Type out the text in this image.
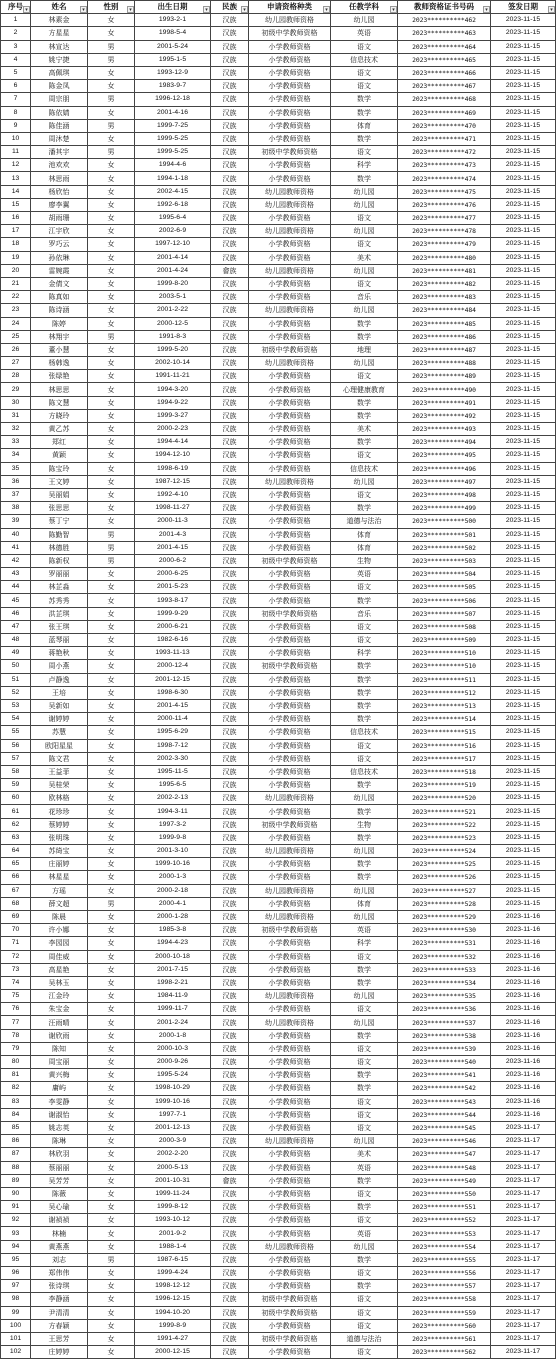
序号 ▾	姓名 ▾	性别 ▾	出生日期 ▾	民族 ▾	申请资格种类 ▾	任教学科 ▾	教师资格证书号码 ▾	签发日期 ▾

1	林素金	女	1993-2-1	汉族	幼儿园教师资格	幼儿园	2023**********462	2023-11-15
2	方星星	女	1998-5-4	汉族	初级中学教师资格	英语	2023**********463	2023-11-15
3	林宣达	男	2001-5-24	汉族	小学教师资格	语文	2023**********464	2023-11-15
4	姚宁捷	男	1995-1-5	汉族	小学教师资格	信息技术	2023**********465	2023-11-15
5	高佩琪	女	1993-12-9	汉族	小学教师资格	语文	2023**********466	2023-11-15
6	陈金凤	女	1983-9-7	汉族	小学教师资格	语文	2023**********467	2023-11-15
7	周宗朋	男	1996-12-18	汉族	小学教师资格	数学	2023**********468	2023-11-15
8	陈依婧	女	2001-4-16	汉族	小学教师资格	数学	2023**********469	2023-11-15
9	陈佳涵	男	1999-7-25	汉族	小学教师资格	体育	2023**********470	2023-11-15
10	周沐楚	女	1999-5-25	汉族	小学教师资格	数学	2023**********471	2023-11-15
11	潘其宇	男	1999-5-25	汉族	初级中学教师资格	语文	2023**********472	2023-11-15
12	池欢欢	女	1994-4-6	汉族	小学教师资格	科学	2023**********473	2023-11-15
13	林思雨	女	1994-1-18	汉族	小学教师资格	数学	2023**********474	2023-11-15
14	杨欣怡	女	2002-4-15	汉族	幼儿园教师资格	幼儿园	2023**********475	2023-11-15
15	廖李翼	女	1992-6-18	汉族	幼儿园教师资格	幼儿园	2023**********476	2023-11-15
16	胡雨珊	女	1995-6-4	汉族	小学教师资格	语文	2023**********477	2023-11-15
17	江宇欣	女	2002-6-9	汉族	幼儿园教师资格	幼儿园	2023**********478	2023-11-15
18	罗巧云	女	1997-12-10	汉族	小学教师资格	语文	2023**********479	2023-11-15
19	孙依琳	女	2001-4-14	汉族	小学教师资格	美术	2023**********480	2023-11-15
20	雷婉霞	女	2001-4-24	畲族	幼儿园教师资格	幼儿园	2023**********481	2023-11-15
21	金倩文	女	1999-8-20	汉族	小学教师资格	语文	2023**********482	2023-11-15
22	陈真如	女	2003-5-1	汉族	小学教师资格	音乐	2023**********483	2023-11-15
23	陈诗涵	女	2001-2-22	汉族	幼儿园教师资格	幼儿园	2023**********484	2023-11-15
24	陈婷	女	2000-12-5	汉族	小学教师资格	数学	2023**********485	2023-11-15
25	林翔宇	男	1991-8-3	汉族	小学教师资格	数学	2023**********486	2023-11-15
26	董小慧	女	1999-5-20	汉族	初级中学教师资格	地理	2023**********487	2023-11-15
27	杨韩逸	女	2002-10-14	汉族	幼儿园教师资格	幼儿园	2023**********488	2023-11-15
28	张绿艳	女	1991-11-21	汉族	小学教师资格	语文	2023**********489	2023-11-15
29	林思思	女	1994-3-20	汉族	小学教师资格	心理健康教育	2023**********490	2023-11-15
30	陈文慧	女	1994-9-22	汉族	小学教师资格	数学	2023**********491	2023-11-15
31	方晓玲	女	1999-3-27	汉族	小学教师资格	数学	2023**********492	2023-11-15
32	黄乙苏	女	2000-2-23	汉族	小学教师资格	美术	2023**********493	2023-11-15
33	郑红	女	1994-4-14	汉族	小学教师资格	数学	2023**********494	2023-11-15
34	黄颖	女	1994-12-10	汉族	小学教师资格	语文	2023**********495	2023-11-15
35	陈宝玲	女	1998-6-19	汉族	小学教师资格	信息技术	2023**********496	2023-11-15
36	王文婷	女	1987-12-15	汉族	幼儿园教师资格	幼儿园	2023**********497	2023-11-15
37	吴丽娟	女	1992-4-10	汉族	小学教师资格	语文	2023**********498	2023-11-15
38	张思思	女	1998-11-27	汉族	小学教师资格	数学	2023**********499	2023-11-15
39	蔡丁宁	女	2000-11-3	汉族	小学教师资格	道德与法治	2023**********500	2023-11-15
40	陈勤智	男	2001-4-3	汉族	小学教师资格	体育	2023**********501	2023-11-15
41	林德胜	男	2001-4-15	汉族	小学教师资格	体育	2023**********502	2023-11-15
42	陈新权	男	2000-6-2	汉族	初级中学教师资格	生物	2023**********503	2023-11-15
43	罗丽丽	女	2000-6-25	汉族	小学教师资格	英语	2023**********504	2023-11-15
44	林芷淼	女	2001-5-23	汉族	小学教师资格	语文	2023**********505	2023-11-15
45	苏秀秀	女	1993-8-17	汉族	小学教师资格	数学	2023**********506	2023-11-15
46	洪芷琪	女	1999-9-29	汉族	初级中学教师资格	音乐	2023**********507	2023-11-15
47	张王琪	女	2000-6-21	汉族	小学教师资格	语文	2023**********508	2023-11-15
48	蓝琴丽	女	1982-6-16	汉族	小学教师资格	语文	2023**********509	2023-11-15
49	蒋艳秋	女	1993-11-13	汉族	小学教师资格	科学	2023**********510	2023-11-15
50	周小燕	女	2000-12-4	汉族	初级中学教师资格	数学	2023**********510	2023-11-15
51	卢静逸	女	2001-12-15	汉族	小学教师资格	数学	2023**********511	2023-11-15
52	王培	女	1998-6-30	汉族	小学教师资格	数学	2023**********512	2023-11-15
53	吴新如	女	2001-4-15	汉族	小学教师资格	数学	2023**********513	2023-11-15
54	谢婷婷	女	2000-11-4	汉族	小学教师资格	数学	2023**********514	2023-11-15
55	苏慧	女	1995-6-29	汉族	小学教师资格	信息技术	2023**********515	2023-11-15
56	欧阳星星	女	1998-7-12	汉族	小学教师资格	语文	2023**********516	2023-11-15
57	陈文君	女	2002-3-30	汉族	小学教师资格	语文	2023**********517	2023-11-15
58	王益菲	女	1995-11-5	汉族	小学教师资格	信息技术	2023**********518	2023-11-15
59	吴桂荣	女	1995-6-5	汉族	小学教师资格	数学	2023**********519	2023-11-15
60	欧林格	女	2002-2-13	汉族	幼儿园教师资格	幼儿园	2023**********520	2023-11-15
61	花珍珍	女	1994-3-11	汉族	小学教师资格	数学	2023**********521	2023-11-15
62	蔡婷婷	女	1997-3-2	汉族	初级中学教师资格	生物	2023**********522	2023-11-15
63	张明珠	女	1999-9-8	汉族	小学教师资格	数学	2023**********523	2023-11-15
64	苏绮宝	女	2001-3-10	汉族	幼儿园教师资格	幼儿园	2023**********524	2023-11-15
65	庄丽婷	女	1999-10-16	汉族	小学教师资格	数学	2023**********525	2023-11-15
66	林星星	女	2000-1-3	汉族	小学教师资格	数学	2023**********526	2023-11-15
67	方瑶	女	2000-2-18	汉族	幼儿园教师资格	幼儿园	2023**********527	2023-11-15
68	薛文超	男	2000-4-1	汉族	小学教师资格	体育	2023**********528	2023-11-15
69	陈晨	女	2000-1-28	汉族	幼儿园教师资格	幼儿园	2023**********529	2023-11-16
70	许小娜	女	1985-3-8	汉族	初级中学教师资格	英语	2023**********530	2023-11-16
71	李园园	女	1994-4-23	汉族	小学教师资格	科学	2023**********531	2023-11-16
72	周佳威	女	2000-10-18	汉族	小学教师资格	语文	2023**********532	2023-11-16
73	高星艳	女	2001-7-15	汉族	小学教师资格	数学	2023**********533	2023-11-16
74	吴林玉	女	1998-2-21	汉族	小学教师资格	数学	2023**********534	2023-11-16
75	江金玲	女	1984-11-9	汉族	幼儿园教师资格	幼儿园	2023**********535	2023-11-16
76	朱宝金	女	1999-11-7	汉族	小学教师资格	语文	2023**********536	2023-11-16
77	汪雨晴	女	2001-2-24	汉族	幼儿园教师资格	幼儿园	2023**********537	2023-11-16
78	谢欣雨	女	2000-1-8	汉族	小学教师资格	数学	2023**********538	2023-11-16
79	陈知	女	2000-10-3	汉族	小学教师资格	语文	2023**********539	2023-11-16
80	周宝丽	女	2000-9-26	汉族	小学教师资格	语文	2023**********540	2023-11-16
81	黄兴梅	女	1995-5-24	汉族	小学教师资格	数学	2023**********541	2023-11-16
82	庸屿	女	1998-10-29	汉族	小学教师资格	数学	2023**********542	2023-11-16
83	李雯静	女	1999-10-16	汉族	小学教师资格	语文	2023**********543	2023-11-16
84	谢淑怡	女	1997-7-1	汉族	小学教师资格	语文	2023**********544	2023-11-16
85	姚志英	女	2001-12-13	汉族	小学教师资格	语文	2023**********545	2023-11-17
86	陈琳	女	2000-3-9	汉族	幼儿园教师资格	幼儿园	2023**********546	2023-11-17
87	林欣羽	女	2002-2-20	汉族	小学教师资格	美术	2023**********547	2023-11-17
88	蔡丽丽	女	2000-5-13	汉族	小学教师资格	英语	2023**********548	2023-11-17
89	吴芳芳	女	2001-10-31	畲族	小学教师资格	数学	2023**********549	2023-11-17
90	陈薇	女	1999-11-24	汉族	小学教师资格	语文	2023**********550	2023-11-17
91	吴心瑜	女	1999-8-12	汉族	小学教师资格	数学	2023**********551	2023-11-17
92	谢祯祯	女	1993-10-12	汉族	小学教师资格	语文	2023**********552	2023-11-17
93	林楠	女	2001-9-2	汉族	小学教师资格	英语	2023**********553	2023-11-17
94	黄燕燕	女	1988-1-4	汉族	幼儿园教师资格	幼儿园	2023**********554	2023-11-17
95	刘志	男	1987-6-15	汉族	小学教师资格	数学	2023**********555	2023-11-17
96	郑伟伟	女	1999-4-24	汉族	小学教师资格	语文	2023**********556	2023-11-17
97	张诗琪	女	1998-12-12	汉族	小学教师资格	数学	2023**********557	2023-11-17
98	李静涵	女	1996-12-15	汉族	初级中学教师资格	语文	2023**********558	2023-11-17
99	尹清清	女	1994-10-20	汉族	初级中学教师资格	语文	2023**********559	2023-11-17
100	方春颖	女	1999-8-9	汉族	小学教师资格	语文	2023**********560	2023-11-17
101	王思芳	女	1991-4-27	汉族	初级中学教师资格	道德与法治	2023**********561	2023-11-17
102	庄婷婷	女	2000-12-15	汉族	小学教师资格	语文	2023**********562	2023-11-17
